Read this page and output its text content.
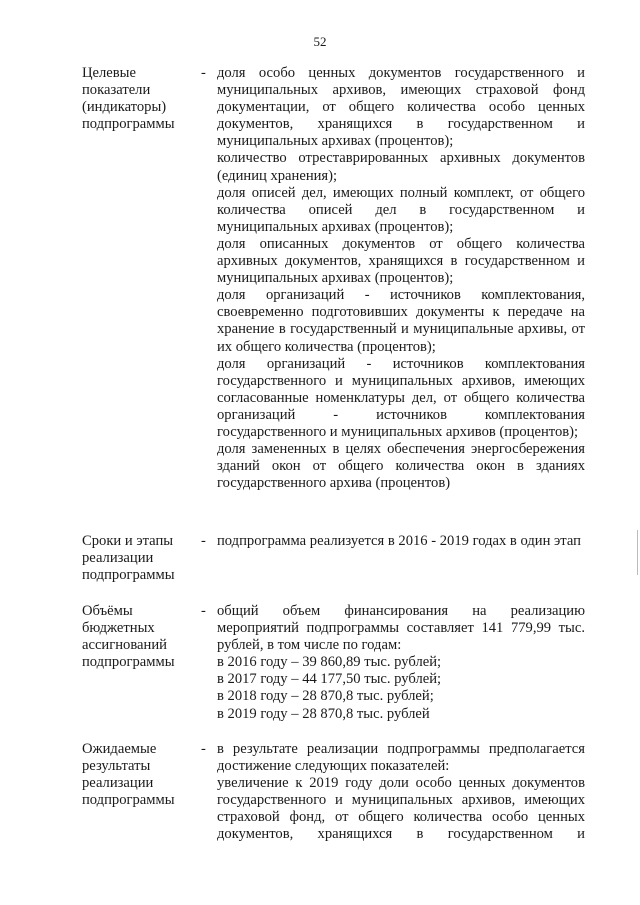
52
Целевые
показатели
(индикаторы)
подпрограммы
- доля особо ценных документов государственного и муниципальных архивов, имеющих страховой фонд документации, от общего количества особо ценных документов, хранящихся в государственном и муниципальных архивах (процентов);

количество отреставрированных архивных документов (единиц хранения);

доля описей дел, имеющих полный комплект, от общего количества описей дел в государственном и муниципальных архивах (процентов);

доля описанных документов от общего количества архивных документов, хранящихся в государственном и муниципальных архивах (процентов);

доля организаций - источников комплектования, своевременно подготовивших документы к передаче на хранение в государственный и муниципальные архивы, от их общего количества (процентов);

доля организаций - источников комплектования государственного и муниципальных архивов, имеющих согласованные номенклатуры дел, от общего количества организаций - источников комплектования государственного и муниципальных архивов (процентов);

доля замененных в целях обеспечения энергосбережения зданий окон от общего количества окон в зданиях государственного архива (процентов)

Сроки и этапы
реализации
подпрограммы
- подпрограмма реализуется в 2016 - 2019 годах в один этап

Объёмы
бюджетных
ассигнований
подпрограммы
- общий объем финансирования на реализацию мероприятий подпрограммы составляет 141 779,99 тыс. рублей, в том числе по годам:

в 2016 году – 39 860,89 тыс. рублей;

в 2017 году – 44 177,50 тыс. рублей;

в 2018 году – 28 870,8 тыс. рублей;

в 2019 году – 28 870,8 тыс. рублей

Ожидаемые
результаты
реализации
подпрограммы
- в результате реализации подпрограммы предполагается достижение следующих показателей:

увеличение к 2019 году доли особо ценных документов государственного и муниципальных архивов, имеющих страховой фонд, от общего количества особо ценных документов, хранящихся в государственном и
